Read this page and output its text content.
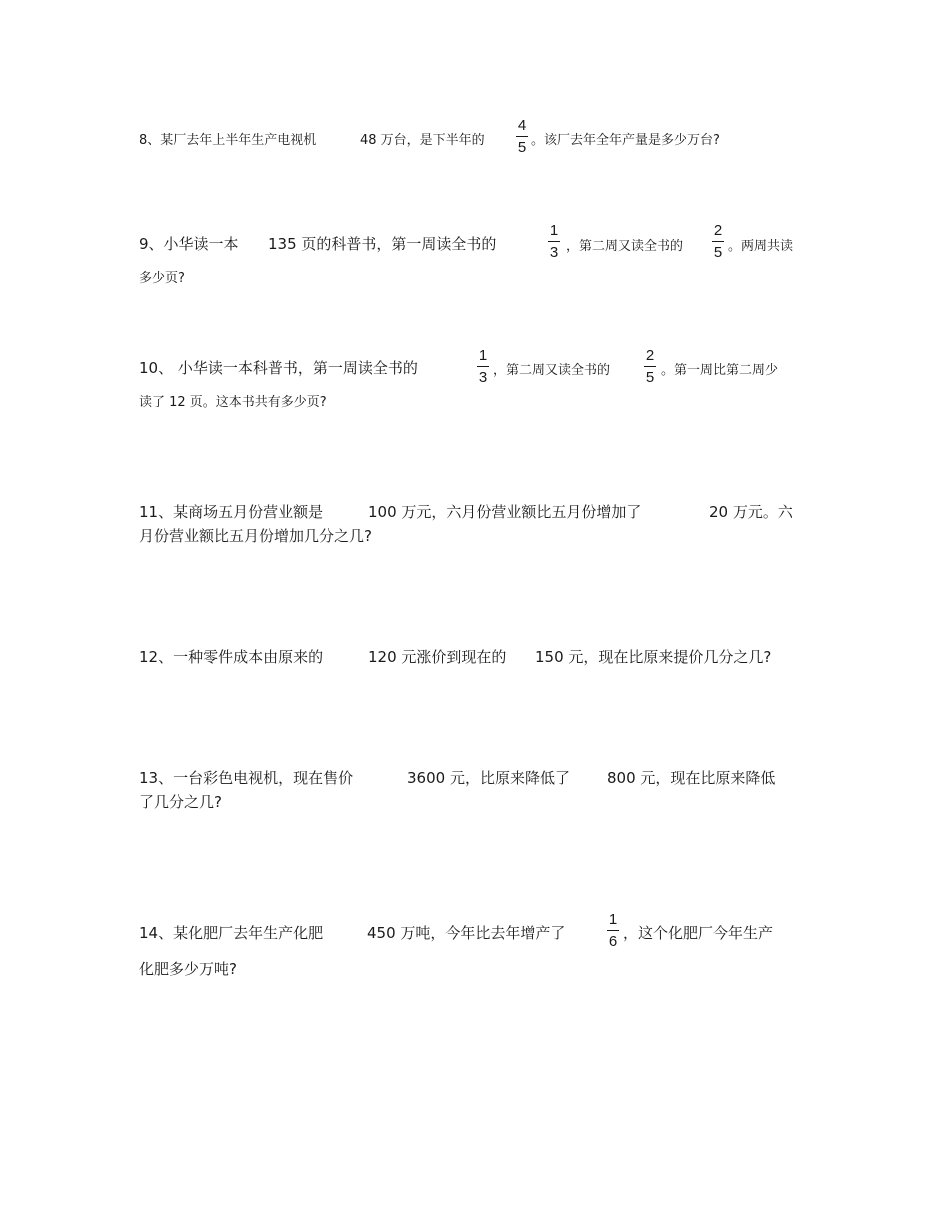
8、某厂去年上半年生产电视机	48 万台，是下半年的	。该厂去年全年产量是多少万台?
4
5
9、小华读一本 135 页的科普书，第一周读全书的	，第二周又读全书的	。两周共读
1
3
2
5
多少页?
10、 小华读一本科普书，第一周读全书的	，第二周又读全书的	。第一周比第二周少
1
3
2
5
读了 12 页。这本书共有多少页?
11、某商场五月份营业额是	100 万元，六月份营业额比五月份增加了	20 万元。六
月份营业额比五月份增加几分之几?
12、一种零件成本由原来的	120 元涨价到现在的 150 元，现在比原来提价几分之几?
13、一台彩色电视机，现在售价	3600 元，比原来降低了 800 元，现在比原来降低
了几分之几?
14、某化肥厂去年生产化肥	450 万吨，今年比去年增产了	，这个化肥厂今年生产
1
6
化肥多少万吨?
